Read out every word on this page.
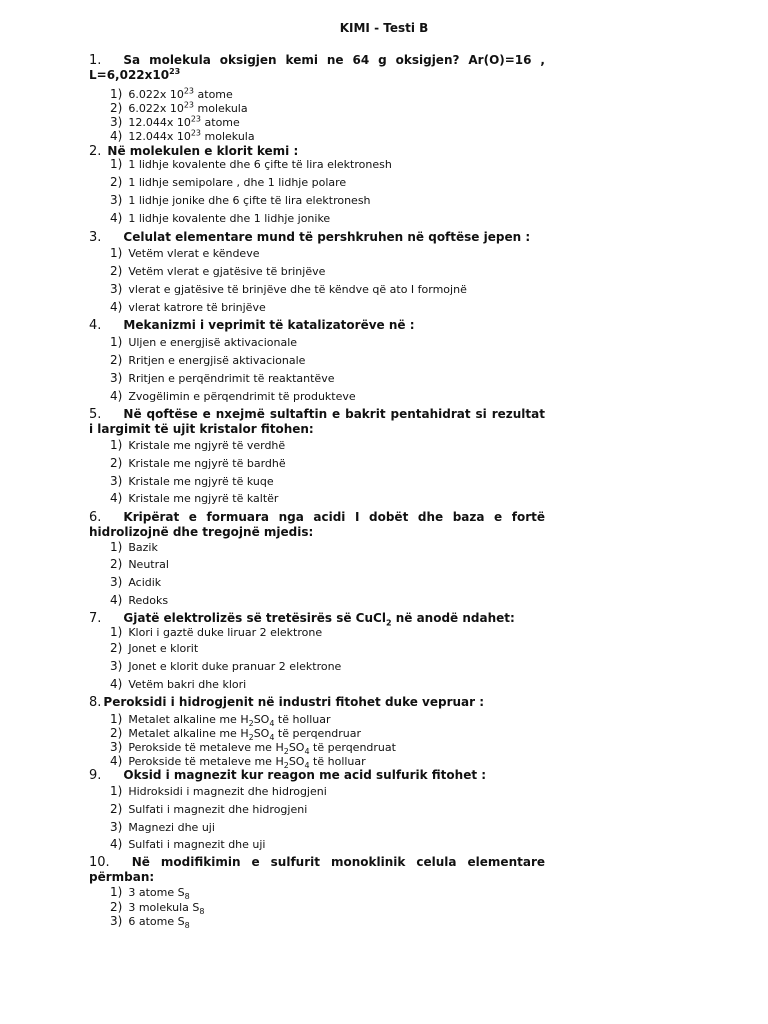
KIMI - Testi B
1. Sa molekula oksigjen kemi ne 64 g oksigjen? Ar(O)=16 , $L=6,022x10^{23}$
1) 6.022x $10^{23}$ atome
2) 6.022x $10^{23}$ molekula
3) 12.044x $10^{23}$ atome
4) 12.044x $10^{23}$ molekula
2. Në molekulen e klorit kemi :
1) 1 lidhje kovalente dhe 6 çifte të lira elektronesh
2) 1 lidhje semipolare , dhe 1 lidhje polare
3) 1 lidhje jonike dhe 6 çifte të lira elektronesh
4) 1 lidhje kovalente dhe 1 lidhje jonike
3. Celulat elementare mund të pershkruhen në qoftëse jepen :
1) Vetëm vlerat e këndeve
2) Vetëm vlerat e gjatësive të brinjëve
3) vlerat e gjatësive të brinjëve dhe të këndve që ato I formojnë
4) vlerat katrore të brinjëve
4. Mekanizmi i veprimit të katalizatorëve në :
1) Uljen e energjisë aktivacionale
2) Rritjen e energjisë aktivacionale
3) Rritjen e perqëndrimit të reaktantëve
4) Zvogëlimin e përqendrimit të produkteve
5. Në qoftëse e nxejmë sultaftin e bakrit pentahidrat si rezultat i largimit të ujit kristalor fitohen:
1) Kristale me ngjyrë të verdhë
2) Kristale me ngjyrë të bardhë
3) Kristale me ngjyrë të kuqe
4) Kristale me ngjyrë të kaltër
6. Kripërat e formuara nga acidi I dobët dhe baza e fortë hidrolizojnë dhe tregojnë mjedis:
1) Bazik
2) Neutral
3) Acidik
4) Redoks
7. Gjatë elektrolizës së tretësirës së CuCl$_2$ në anodë ndahet:
1) Klori i gaztë duke liruar 2 elektrone
2) Jonet e klorit
3) Jonet e klorit duke pranuar 2 elektrone
4) Vetëm bakri dhe klori
8. Peroksidi i hidrogjenit në industri fitohet duke vepruar :
1) Metalet alkaline me $H_2SO_4$ të holluar
2) Metalet alkaline me $H_2SO_4$ të perqendruar
3) Perokside të metaleve me $H_2SO_4$ të perqendruat
4) Perokside të metaleve me $H_2SO_4$ të holluar
9. Oksid i magnezit kur reagon me acid sulfurik fitohet :
1) Hidroksidi i magnezit dhe hidrogjeni
2) Sulfati i magnezit dhe hidrogjeni
3) Magnezi dhe uji
4) Sulfati i magnezit dhe uji
10. Në modifikimin e sulfurit monoklinik celula elementare përmban:
1) 3 atome $S_8$
2) 3 molekula $S_8$
3) 6 atome $S_8$
